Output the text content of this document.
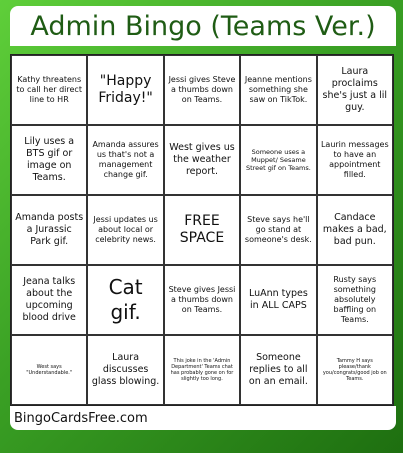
Admin Bingo (Teams Ver.)
Kathy threatens to call her direct line to HR
"Happy Friday!"
Jessi gives Steve a thumbs down on Teams.
Jeanne mentions something she saw on TikTok.
Laura proclaims she's just a lil guy.
Lily uses a BTS gif or image on Teams.
Amanda assures us that's not a management change gif.
West gives us the weather report.
Someone uses a Muppet/ Sesame Street gif on Teams.
Laurin messages to have an appointment filled.
Amanda posts a Jurassic Park gif.
Jessi updates us about local or celebrity news.
FREE SPACE
Steve says he'll go stand at someone's desk.
Candace makes a bad, bad pun.
Jeana talks about the upcoming blood drive
Cat gif.
Steve gives Jessi a thumbs down on Teams.
LuAnn types in ALL CAPS
Rusty says something absolutely baffling on Teams.
West says "Understandable."
Laura discusses glass blowing.
This joke in the 'Admin Department' Teams chat has probably gone on for slightly too long.
Someone replies to all on an email.
Tammy H says please/thank you/congrats/good job on Teams.
BingoCardsFree.com
